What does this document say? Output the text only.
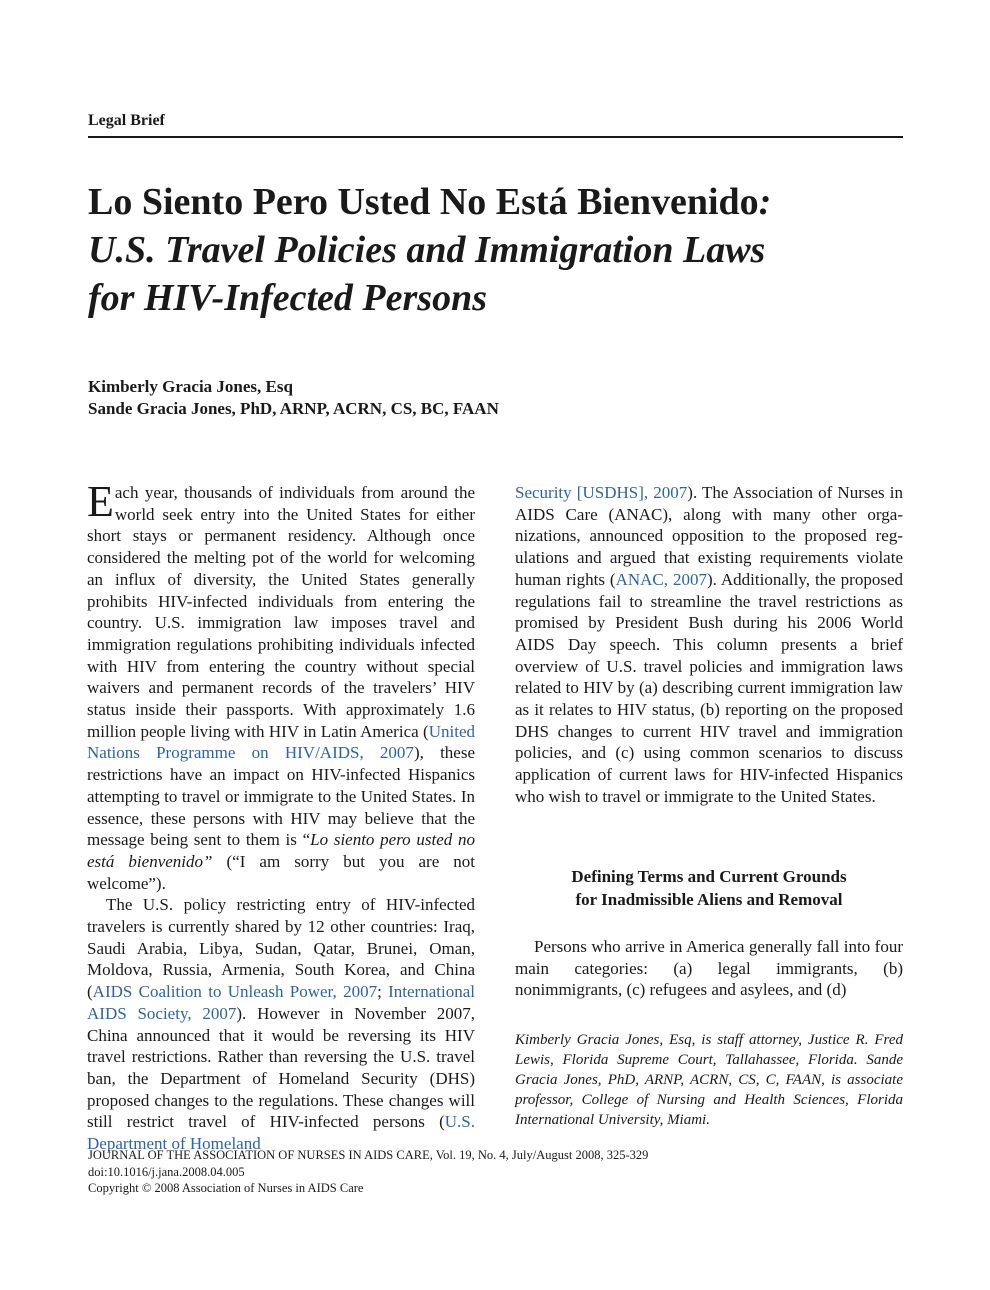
Legal Brief
Lo Siento Pero Usted No Está Bienvenido:
U.S. Travel Policies and Immigration Laws
for HIV-Infected Persons
Kimberly Gracia Jones, Esq
Sande Gracia Jones, PhD, ARNP, ACRN, CS, BC, FAAN

Each year, thousands of individuals from around the world seek entry into the United States for either short stays or permanent residency. Although once considered the melting pot of the world for welcoming an influx of diversity, the United States generally prohibits HIV-infected individuals from entering the country. U.S. immigration law imposes travel and immigration regulations prohibiting individuals infected with HIV from entering the country without special waivers and permanent records of the travelers’ HIV status inside their passports. With approximately 1.6 million people living with HIV in Latin America (United Nations Programme on HIV/AIDS, 2007), these restrictions have an impact on HIV-infected Hispanics attempting to travel or immigrate to the United States. In essence, these persons with HIV may believe that the message being sent to them is “Lo siento pero usted no está bienvenido” (“I am sorry but you are not welcome”).

The U.S. policy restricting entry of HIV-infected travelers is currently shared by 12 other countries: Iraq, Saudi Arabia, Libya, Sudan, Qatar, Brunei, Oman, Moldova, Russia, Armenia, South Korea, and China (AIDS Coalition to Unleash Power, 2007; International AIDS Society, 2007). However in November 2007, China announced that it would be reversing its HIV travel restrictions. Rather than reversing the U.S. travel ban, the Department of Homeland Security (DHS) proposed changes to the regulations. These changes will still restrict travel of HIV-infected persons (U.S. Department of Homeland

Security [USDHS], 2007). The Association of Nurses in AIDS Care (ANAC), along with many other organizations, announced opposition to the proposed regulations and argued that existing requirements violate human rights (ANAC, 2007). Additionally, the proposed regulations fail to streamline the travel restrictions as promised by President Bush during his 2006 World AIDS Day speech. This column presents a brief overview of U.S. travel policies and immigration laws related to HIV by (a) describing current immigration law as it relates to HIV status, (b) reporting on the proposed DHS changes to current HIV travel and immigration policies, and (c) using common scenarios to discuss application of current laws for HIV-infected Hispanics who wish to travel or immigrate to the United States.

Defining Terms and Current Grounds
for Inadmissible Aliens and Removal

Persons who arrive in America generally fall into four main categories: (a) legal immigrants, (b) nonimmigrants, (c) refugees and asylees, and (d)

Kimberly Gracia Jones, Esq, is staff attorney, Justice R. Fred Lewis, Florida Supreme Court, Tallahassee, Florida. Sande Gracia Jones, PhD, ARNP, ACRN, CS, C, FAAN, is associate professor, College of Nursing and Health Sciences, Florida International University, Miami.
JOURNAL OF THE ASSOCIATION OF NURSES IN AIDS CARE, Vol. 19, No. 4, July/August 2008, 325-329
doi:10.1016/j.jana.2008.04.005
Copyright © 2008 Association of Nurses in AIDS Care
